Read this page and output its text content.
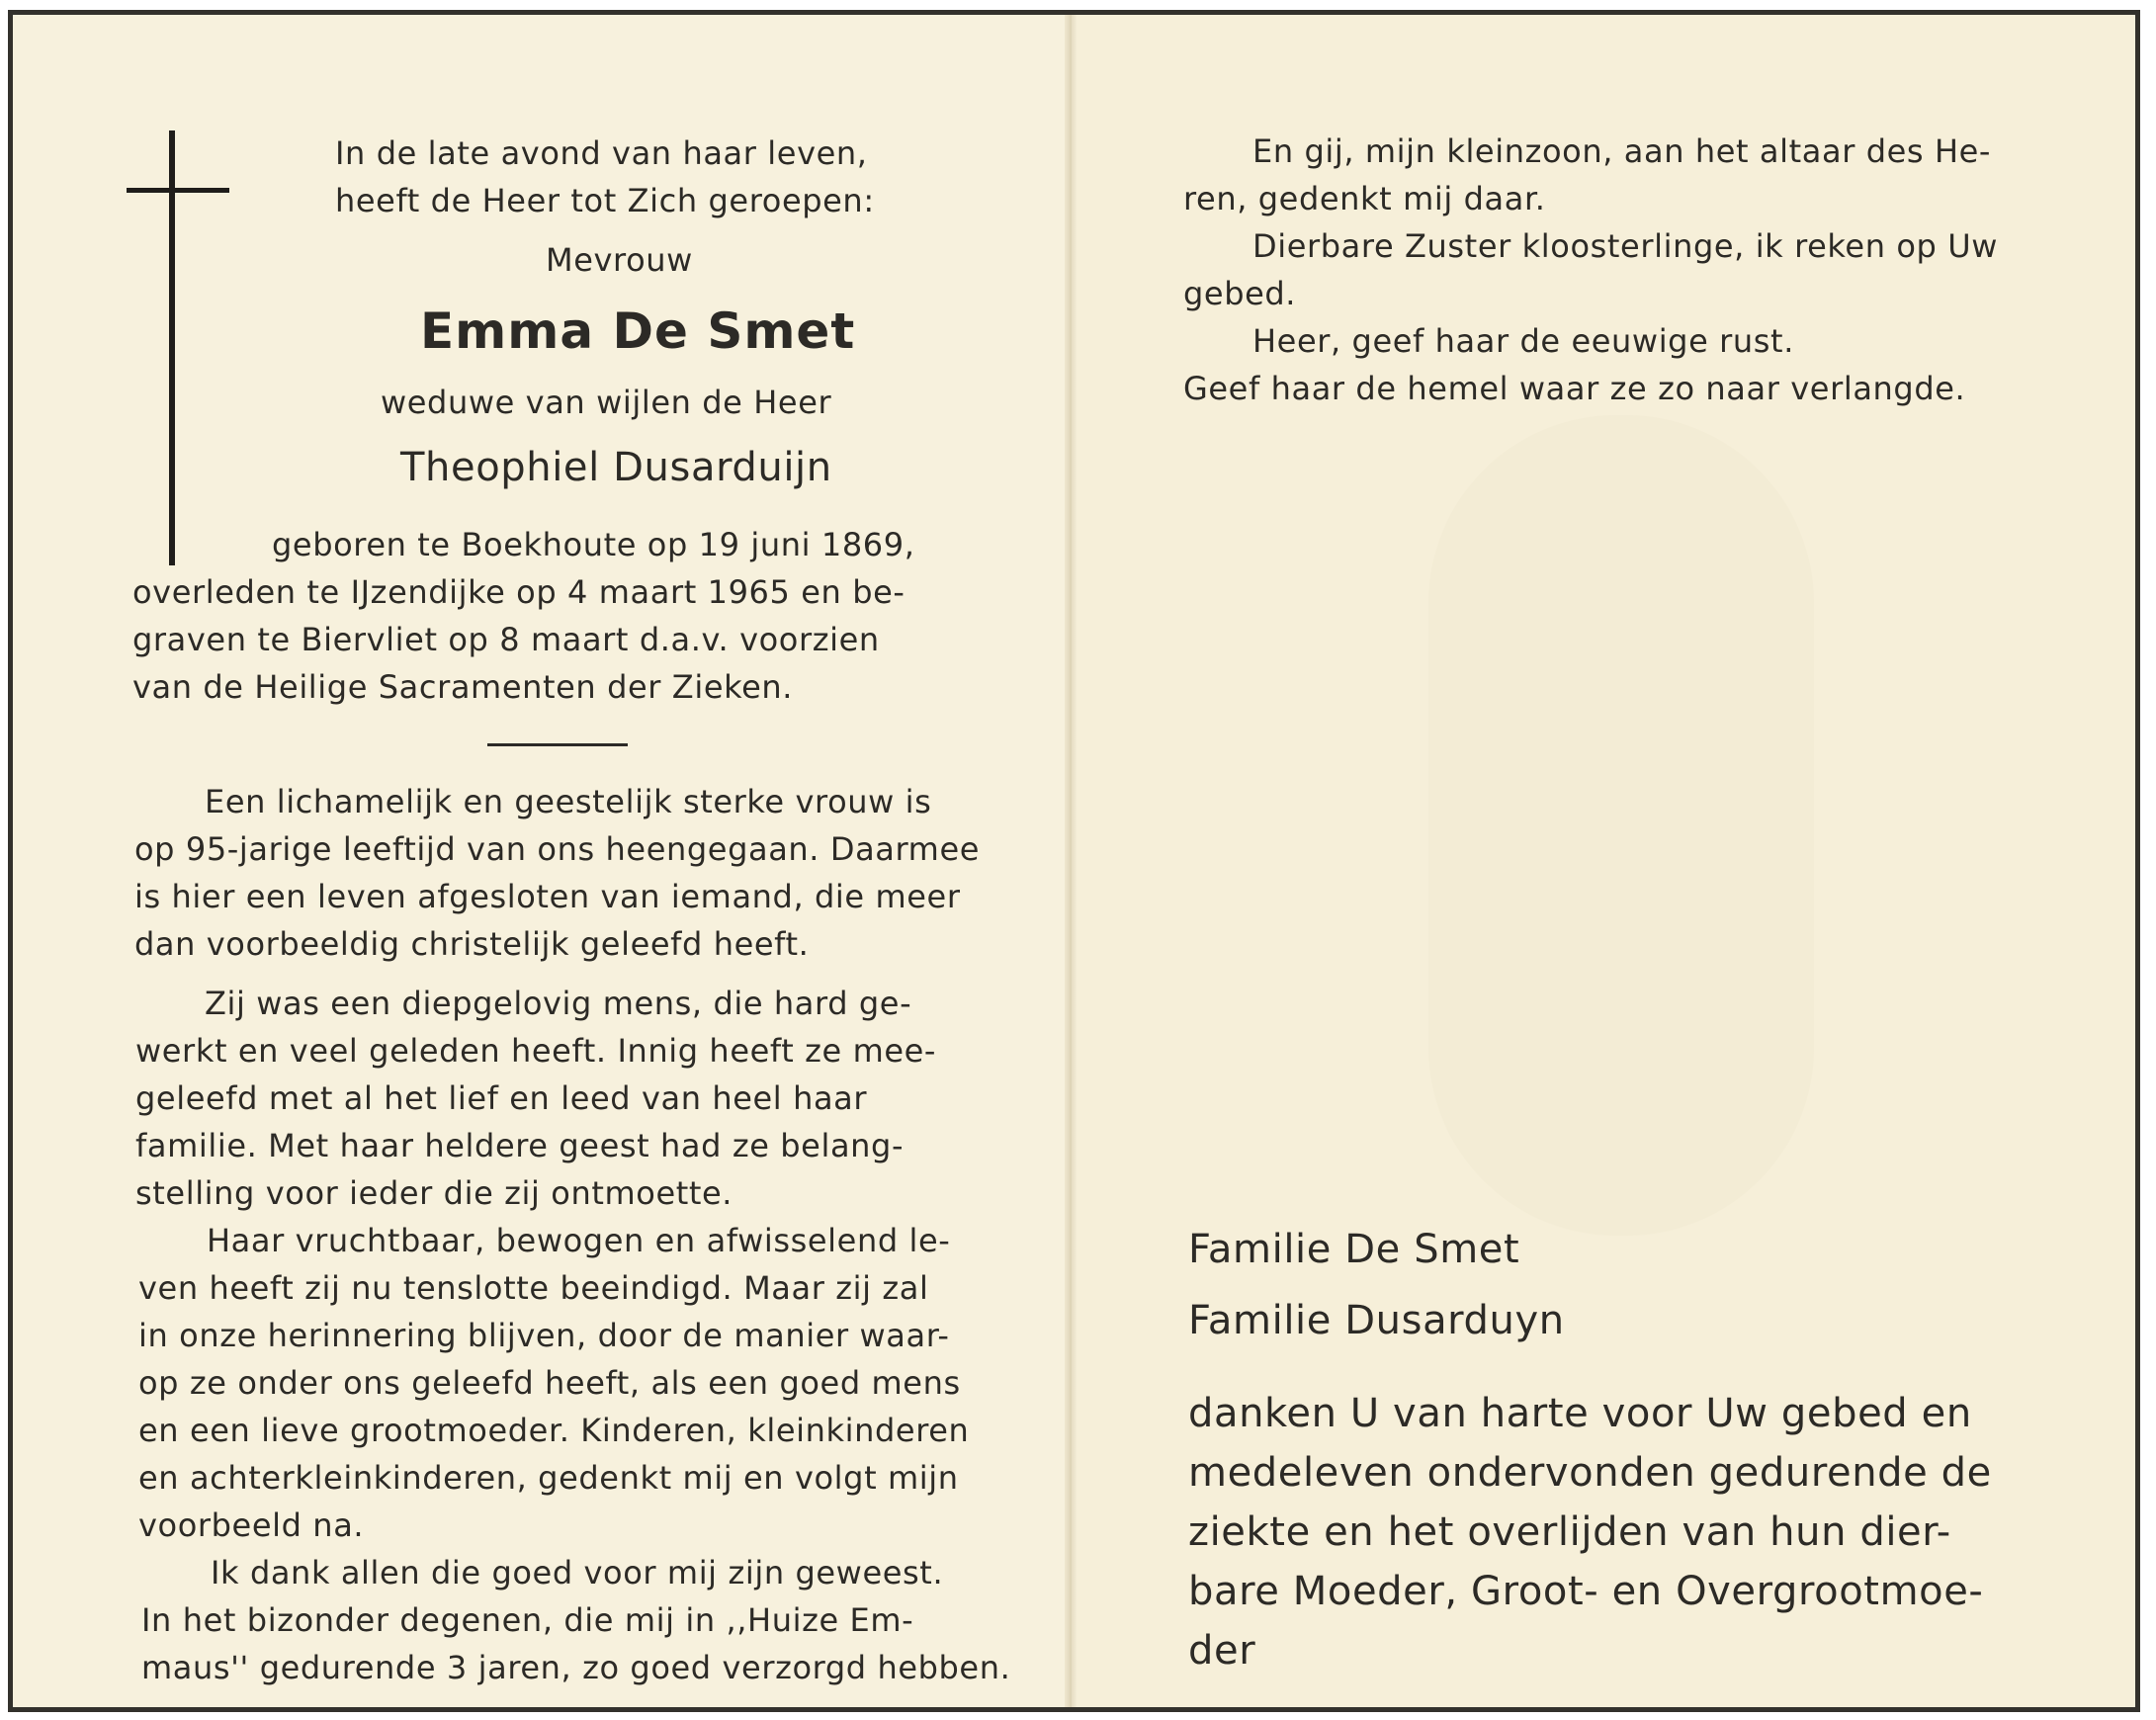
In de late avond van haar leven,

heeft de Heer tot Zich geroepen:

Mevrouw

Emma De Smet

weduwe van wijlen de Heer

Theophiel Dusarduijn

geboren te Boekhoute op 19 juni 1869,

overleden te IJzendijke op 4 maart 1965 en be-

graven te Biervliet op 8 maart d.a.v. voorzien

van de Heilige Sacramenten der Zieken.

Een lichamelijk en geestelijk sterke vrouw is

op 95-jarige leeftijd van ons heengegaan. Daarmee

is hier een leven afgesloten van iemand, die meer

dan voorbeeldig christelijk geleefd heeft.

Zij was een diepgelovig mens, die hard ge-

werkt en veel geleden heeft. Innig heeft ze mee-

geleefd met al het lief en leed van heel haar

familie. Met haar heldere geest had ze belang-

stelling voor ieder die zij ontmoette.

Haar vruchtbaar, bewogen en afwisselend le-

ven heeft zij nu tenslotte beeindigd. Maar zij zal

in onze herinnering blijven, door de manier waar-

op ze onder ons geleefd heeft, als een goed mens

en een lieve grootmoeder. Kinderen, kleinkinderen

en achterkleinkinderen, gedenkt mij en volgt mijn

voorbeeld na.

Ik dank allen die goed voor mij zijn geweest.

In het bizonder degenen, die mij in ,,Huize Em-

maus'' gedurende 3 jaren, zo goed verzorgd hebben.

En gij, mijn kleinzoon, aan het altaar des He-

ren, gedenkt mij daar.

Dierbare Zuster kloosterlinge, ik reken op Uw

gebed.

Heer, geef haar de eeuwige rust.

Geef haar de hemel waar ze zo naar verlangde.

Familie De Smet

Familie Dusarduyn

danken U van harte voor Uw gebed en

medeleven ondervonden gedurende de

ziekte en het overlijden van hun dier-

bare Moeder, Groot- en Overgrootmoe-

der
